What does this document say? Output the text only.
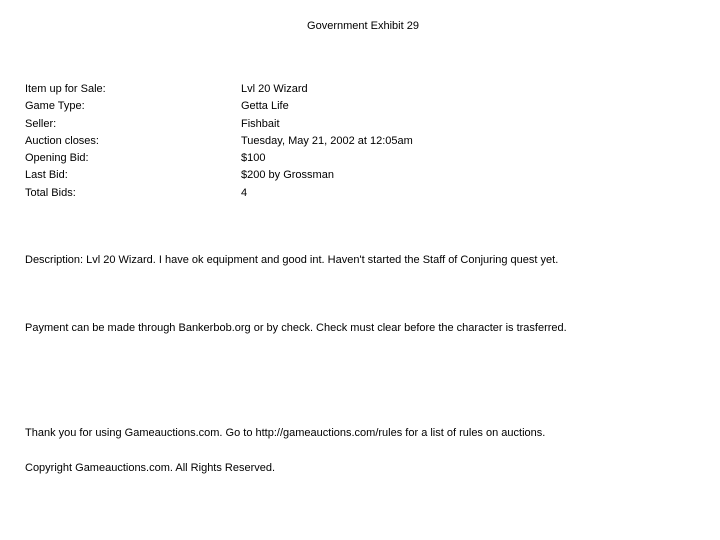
Government Exhibit 29
Item up for Sale:	Lvl 20 Wizard
Game Type:	Getta Life
Seller:	Fishbait
Auction closes:	Tuesday, May 21, 2002 at 12:05am
Opening Bid:	$100
Last Bid:	$200 by Grossman
Total Bids:	4
Description: Lvl 20 Wizard. I have ok equipment and good int. Haven't started the Staff of Conjuring quest yet.
Payment can be made through Bankerbob.org or by check. Check must clear before the character is trasferred.
Thank you for using Gameauctions.com. Go to http://gameauctions.com/rules for a list of rules on auctions.
Copyright Gameauctions.com. All Rights Reserved.
